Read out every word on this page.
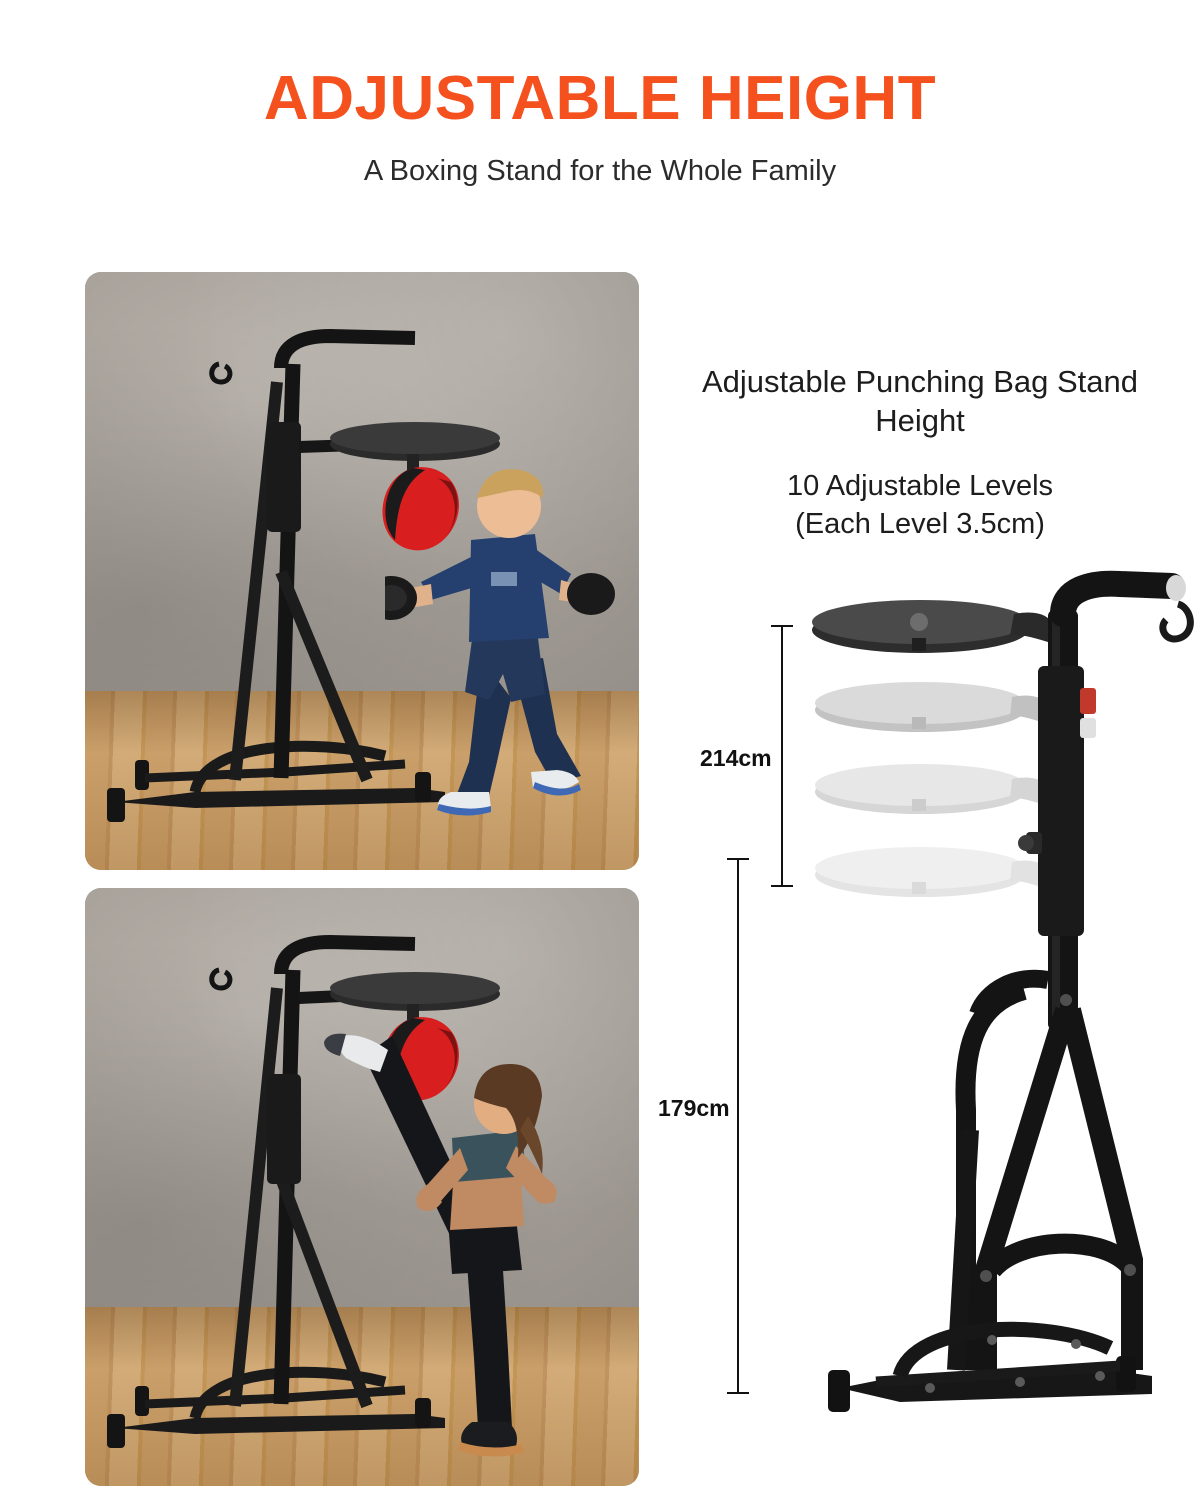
ADJUSTABLE HEIGHT
A Boxing Stand for the Whole Family
Adjustable Punching Bag Stand Height
10 Adjustable Levels
(Each Level 3.5cm)
214cm
179cm
